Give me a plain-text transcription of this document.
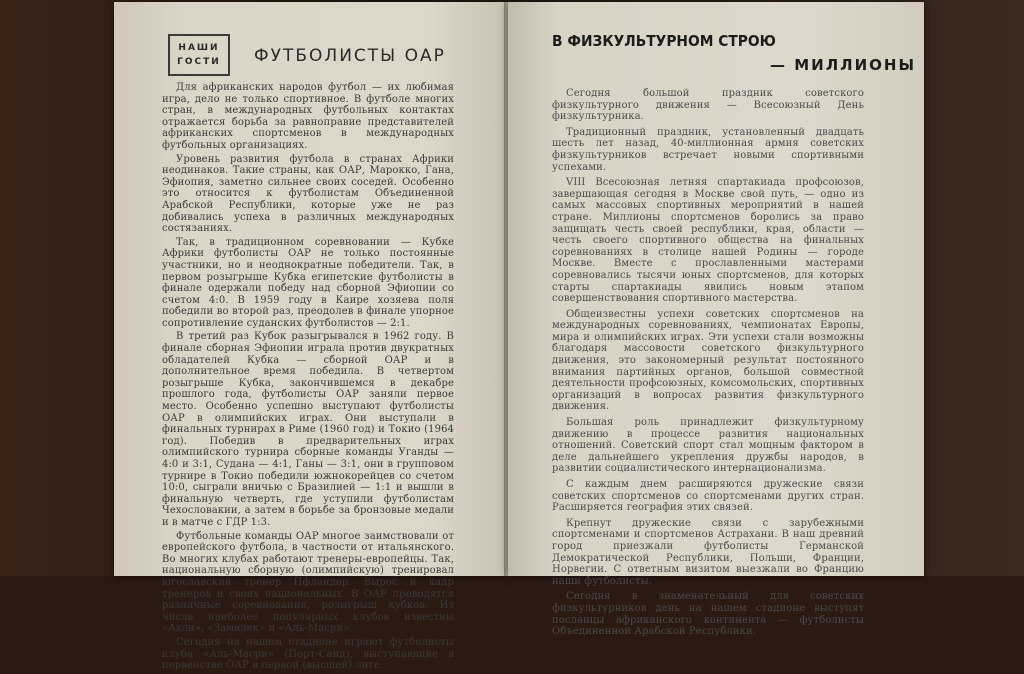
НАШИ
ГОСТИ ФУТБОЛИСТЫ ОАР

Для африканских народов футбол — их любимая игра, дело не только спортивное. В футболе многих стран, в международных футбольных контактах отражается борьба за равноправие представителей африканских спортсменов в международных футбольных организациях.

Уровень развития футбола в странах Африки неодинаков. Такие страны, как ОАР, Марокко, Гана, Эфиопия, заметно сильнее своих соседей. Особенно это относится к футболистам Объединенной Арабской Республики, которые уже не раз добивались успеха в различных международных состязаниях.

Так, в традиционном соревновании — Кубке Африки футболисты ОАР не только постоянные участники, но и неоднократные победители. Так, в первом розыгрыше Кубка египетские футболисты в финале одержали победу над сборной Эфиопии со счетом 4:0. В 1959 году в Каире хозяева поля победили во второй раз, преодолев в финале упорное сопротивление суданских футболистов — 2:1.

В третий раз Кубок разыгрывался в 1962 году. В финале сборная Эфиопии играла против двукратных обладателей Кубка — сборной ОАР и в дополнительное время победила. В четвертом розыгрыше Кубка, закончившемся в декабре прошлого года, футболисты ОАР заняли первое место. Особенно успешно выступают футболисты ОАР в олимпийских играх. Они выступали в финальных турнирах в Риме (1960 год) и Токио (1964 год). Победив в предварительных играх олимпийского турнира сборные команды Уганды — 4:0 и 3:1, Судана — 4:1, Ганы — 3:1, они в групповом турнире в Токио победили южнокорейцев со счетом 10:0, сыграли вничью с Бразилией — 1:1 и вышли в финальную четверть, где уступили футболистам Чехословакии, а затем в борьбе за бронзовые медали и в матче с ГДР 1:3.

Футбольные команды ОАР многое заимствовали от европейского футбола, в частности от итальянского. Во многих клубах работают тренеры-европейцы. Так, национальную сборную (олимпийскую) тренировал югославский тренер Пфландер. Вырос и кадр тренеров и своих национальных. В ОАР проводятся различные соревнования, розыгрыш кубков. Из числа наиболее популярных клубов известны «Ахли», «Замалек» и «Аль-Масри».

Сегодня на нашем стадионе играют футболисты клуба «Аль-Масри» (Порт-Саид), выступающие в первенстве ОАР в первой (высшей) лиге.

В ФИЗКУЛЬТУРНОМ СТРОЮ
— МИЛЛИОНЫ

Сегодня большой праздник советского физкультурного движения — Всесоюзный День физкультурника.

Традиционный праздник, установленный двадцать шесть лет назад, 40-миллионная армия советских физкультурников встречает новыми спортивными успехами.

VIII Всесоюзная летняя спартакиада профсоюзов, завершающая сегодня в Москве свой путь, — одно из самых массовых спортивных мероприятий в нашей стране. Миллионы спортсменов боролись за право защищать честь своей республики, края, области — честь своего спортивного общества на финальных соревнованиях в столице нашей Родины — городе Москве. Вместе с прославленными мастерами соревновались тысячи юных спортсменов, для которых старты спартакиады явились новым этапом совершенствования спортивного мастерства.

Общеизвестны успехи советских спортсменов на международных соревнованиях, чемпионатах Европы, мира и олимпийских играх. Эти успехи стали возможны благодаря массовости советского физкультурного движения, это закономерный результат постоянного внимания партийных органов, большой совместной деятельности профсоюзных, комсомольских, спортивных организаций в вопросах развития физкультурного движения.

Большая роль принадлежит физкультурному движению в процессе развития национальных отношений. Советский спорт стал мощным фактором в деле дальнейшего укрепления дружбы народов, в развитии социалистического интернационализма.

С каждым днем расширяются дружеские связи советских спортсменов со спортсменами других стран. Расширяется география этих связей.

Крепнут дружеские связи с зарубежными спортсменами и спортсменов Астрахани. В наш древний город приезжали футболисты Германской Демократической Республики, Польши, Франции, Норвегии. С ответным визитом выезжали во Францию наши футболисты.

Сегодня в знаменательный для советских физкультурников день на нашем стадионе выступят посланцы африканского континента — футболисты Объединенной Арабской Республики.
